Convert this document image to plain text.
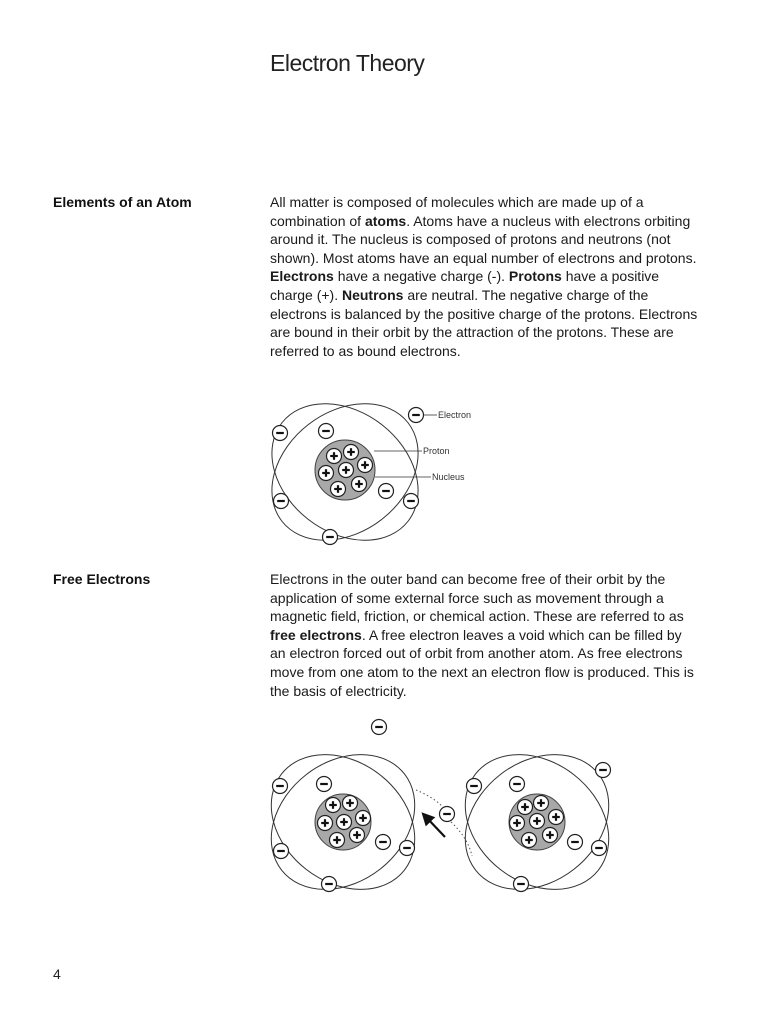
Electron Theory
Elements of an Atom	All matter is composed of molecules which are made up of a combination of atoms. Atoms have a nucleus with electrons orbiting around it. The nucleus is composed of protons and neutrons (not shown). Most atoms have an equal number of electrons and protons. Electrons have a negative charge (-). Protons have a positive charge (+). Neutrons are neutral. The negative charge of the electrons is balanced by the positive charge of the protons. Electrons are bound in their orbit by the attraction of the protons. These are referred to as bound electrons.
Free Electrons	Electrons in the outer band can become free of their orbit by the application of some external force such as movement through a magnetic field, friction, or chemical action. These are referred to as free electrons. A free electron leaves a void which can be filled by an electron forced out of orbit from another atom. As free electrons move from one atom to the next an electron flow is produced. This is the basis of electricity.
Electron
Proton
Nucleus
4
